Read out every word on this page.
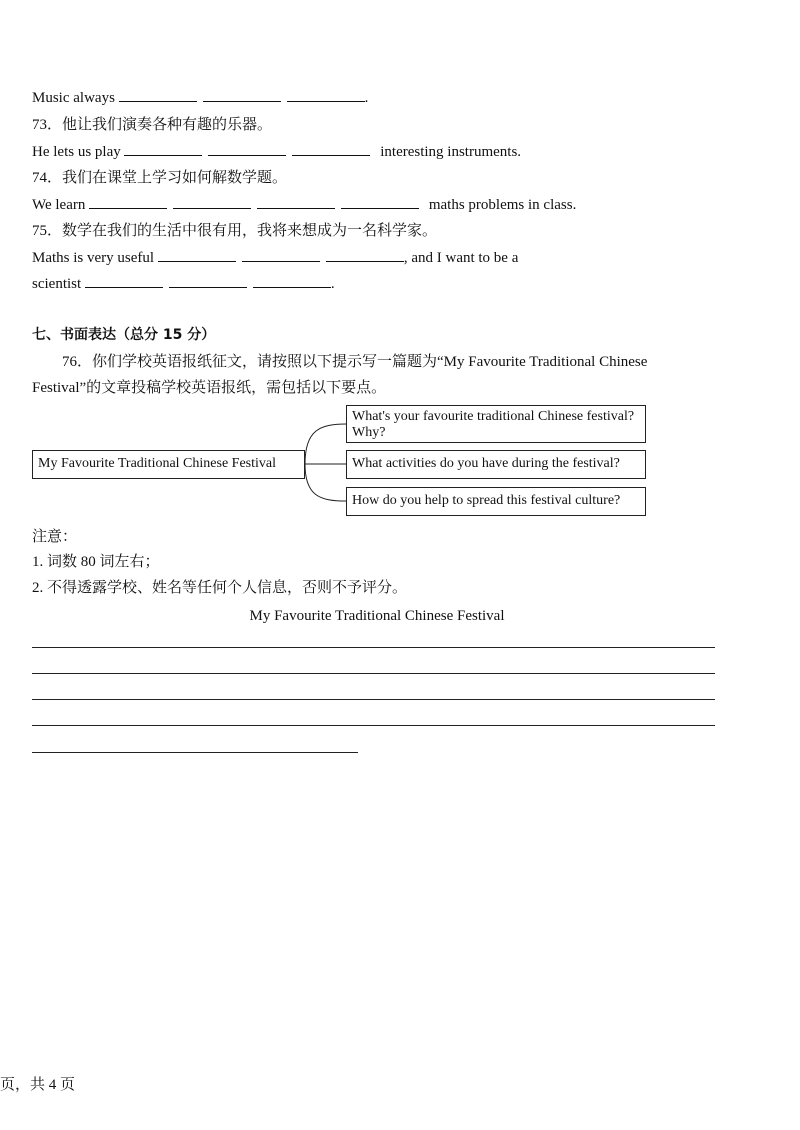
Music always	.
73．他让我们演奏各种有趣的乐器。
He lets us play	interesting instruments.
74．我们在课堂上学习如何解数学题。
We learn	maths problems in class.
75．数学在我们的生活中很有用，我将来想成为一名科学家。
Maths is very useful	, and I want to be a
scientist	.
七、书面表达（总分 15 分）
76．你们学校英语报纸征文，请按照以下提示写一篇题为“My Favourite Traditional Chinese
Festival”的文章投稿学校英语报纸，需包括以下要点。
My Favourite Traditional Chinese Festival
What's your favourite traditional Chinese festival? Why?
What activities do you have during the festival?
How do you help to spread this festival culture?
注意：
1. 词数 80 词左右；
2. 不得透露学校、姓名等任何个人信息，否则不予评分。
My Favourite Traditional Chinese Festival
页，共 4 页
